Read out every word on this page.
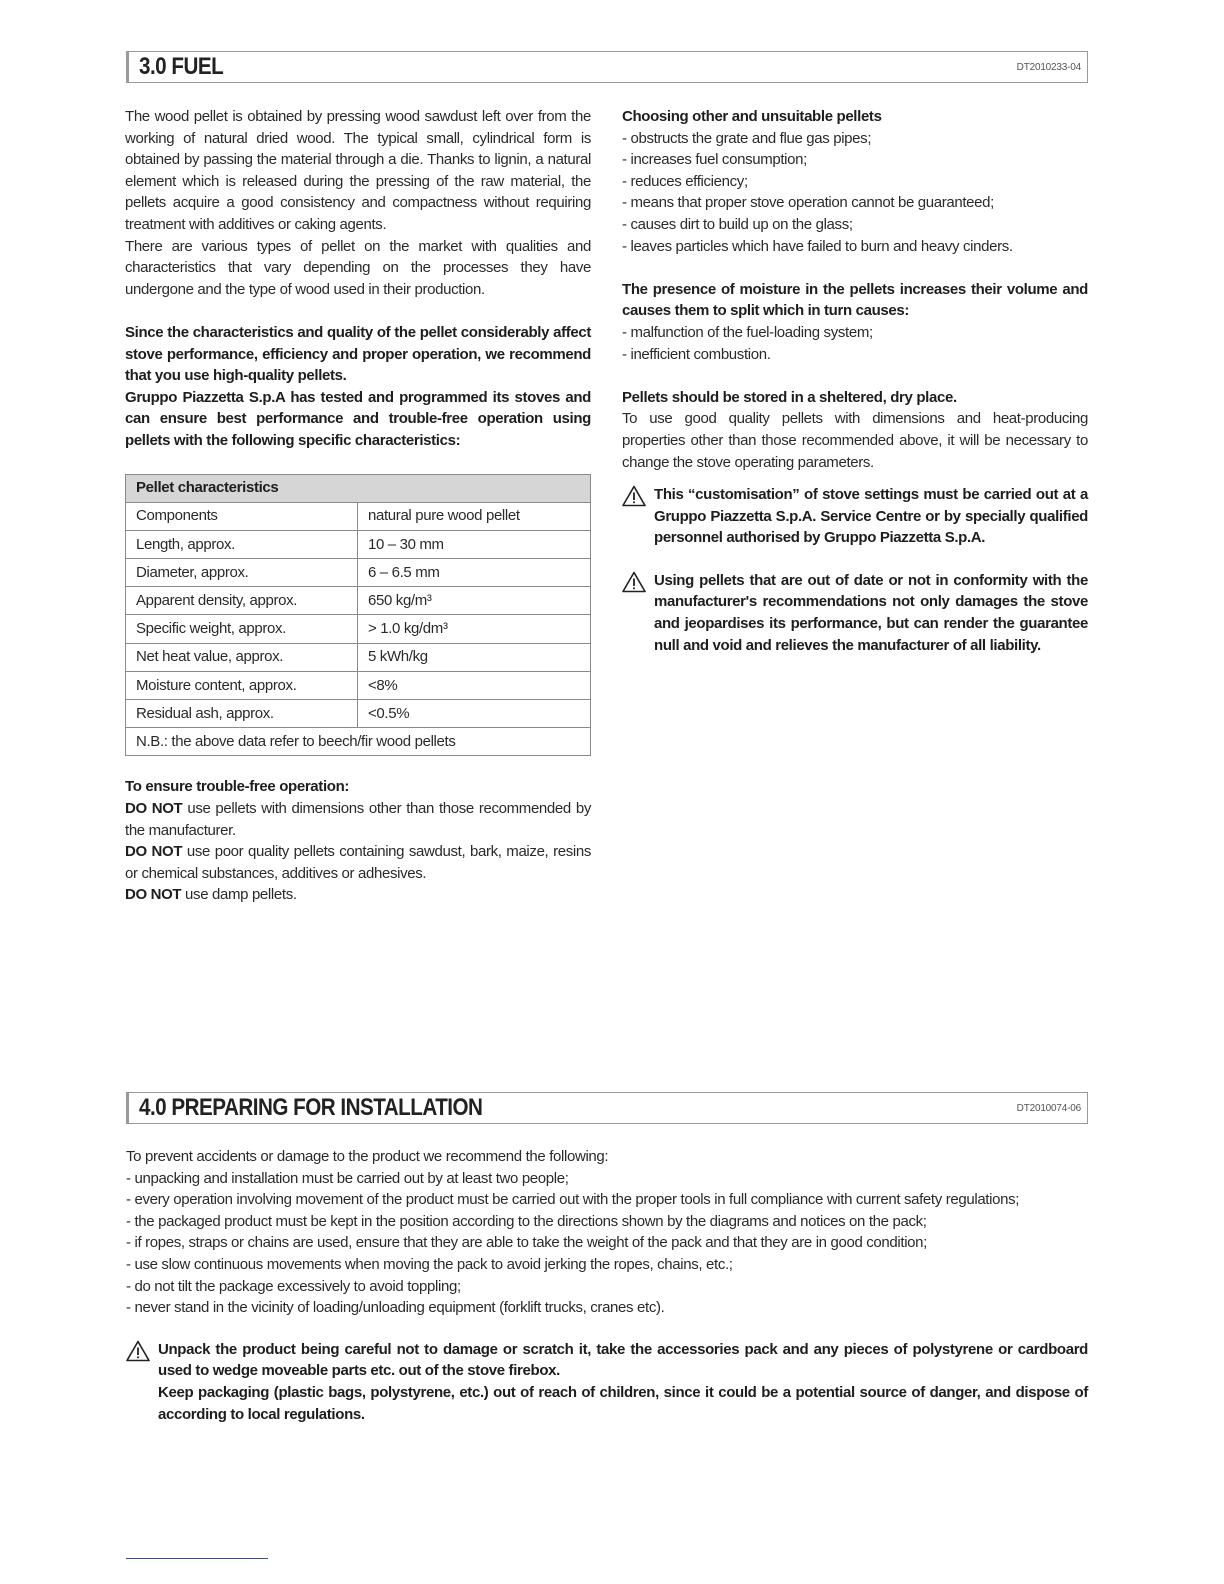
3.0 FUEL	DT2010233-04

The wood pellet is obtained by pressing wood sawdust left over from the working of natural dried wood. The typical small, cylindrical form is obtained by passing the material through a die. Thanks to lignin, a natural element which is released during the pressing of the raw material, the pellets acquire a good consistency and compactness without requiring treatment with additives or caking agents.

There are various types of pellet on the market with qualities and characteristics that vary depending on the processes they have undergone and the type of wood used in their production.

Since the characteristics and quality of the pellet considerably affect stove performance, efficiency and proper operation, we recommend that you use high-quality pellets.

Gruppo Piazzetta S.p.A has tested and programmed its stoves and can ensure best performance and trouble-free operation using pellets with the following specific characteristics:

Pellet characteristics	
Components	natural pure wood pellet
Length, approx.	10 – 30 mm
Diameter, approx.	6 – 6.5 mm
Apparent density, approx.	650 kg/m³
Specific weight, approx.	> 1.0 kg/dm³
Net heat value, approx.	5 kWh/kg
Moisture content, approx.	<8%
Residual ash, approx.	<0.5%
N.B.: the above data refer to beech/fir wood pellets	

To ensure trouble-free operation:

DO NOT use pellets with dimensions other than those recommended by the manufacturer.

DO NOT use poor quality pellets containing sawdust, bark, maize, resins or chemical substances, additives or adhesives.

DO NOT use damp pellets.

Choosing other and unsuitable pellets

- obstructs the grate and flue gas pipes;

- increases fuel consumption;

- reduces efficiency;

- means that proper stove operation cannot be guaranteed;

- causes dirt to build up on the glass;

- leaves particles which have failed to burn and heavy cinders.

The presence of moisture in the pellets increases their volume and causes them to split which in turn causes:

- malfunction of the fuel-loading system;

- inefficient combustion.

Pellets should be stored in a sheltered, dry place.

To use good quality pellets with dimensions and heat-producing properties other than those recommended above, it will be necessary to change the stove operating parameters.

This “customisation” of stove settings must be carried out at a Gruppo Piazzetta S.p.A. Service Centre or by specially qualified personnel authorised by Gruppo Piazzetta S.p.A.

Using pellets that are out of date or not in conformity with the manufacturer's recommendations not only damages the stove and jeopardises its performance, but can render the guarantee null and void and relieves the manufacturer of all liability.

4.0 PREPARING FOR INSTALLATION	DT2010074-06

To prevent accidents or damage to the product we recommend the following:

- unpacking and installation must be carried out by at least two people;

- every operation involving movement of the product must be carried out with the proper tools in full compliance with current safety regulations;

- the packaged product must be kept in the position according to the directions shown by the diagrams and notices on the pack;

- if ropes, straps or chains are used, ensure that they are able to take the weight of the pack and that they are in good condition;

- use slow continuous movements when moving the pack to avoid jerking the ropes, chains, etc.;

- do not tilt the package excessively to avoid toppling;

- never stand in the vicinity of loading/unloading equipment (forklift trucks, cranes etc).

Unpack the product being careful not to damage or scratch it, take the accessories pack and any pieces of polystyrene or cardboard used to wedge moveable parts etc. out of the stove firebox.

Keep packaging (plastic bags, polystyrene, etc.) out of reach of children, since it could be a potential source of danger, and dispose of according to local regulations.
